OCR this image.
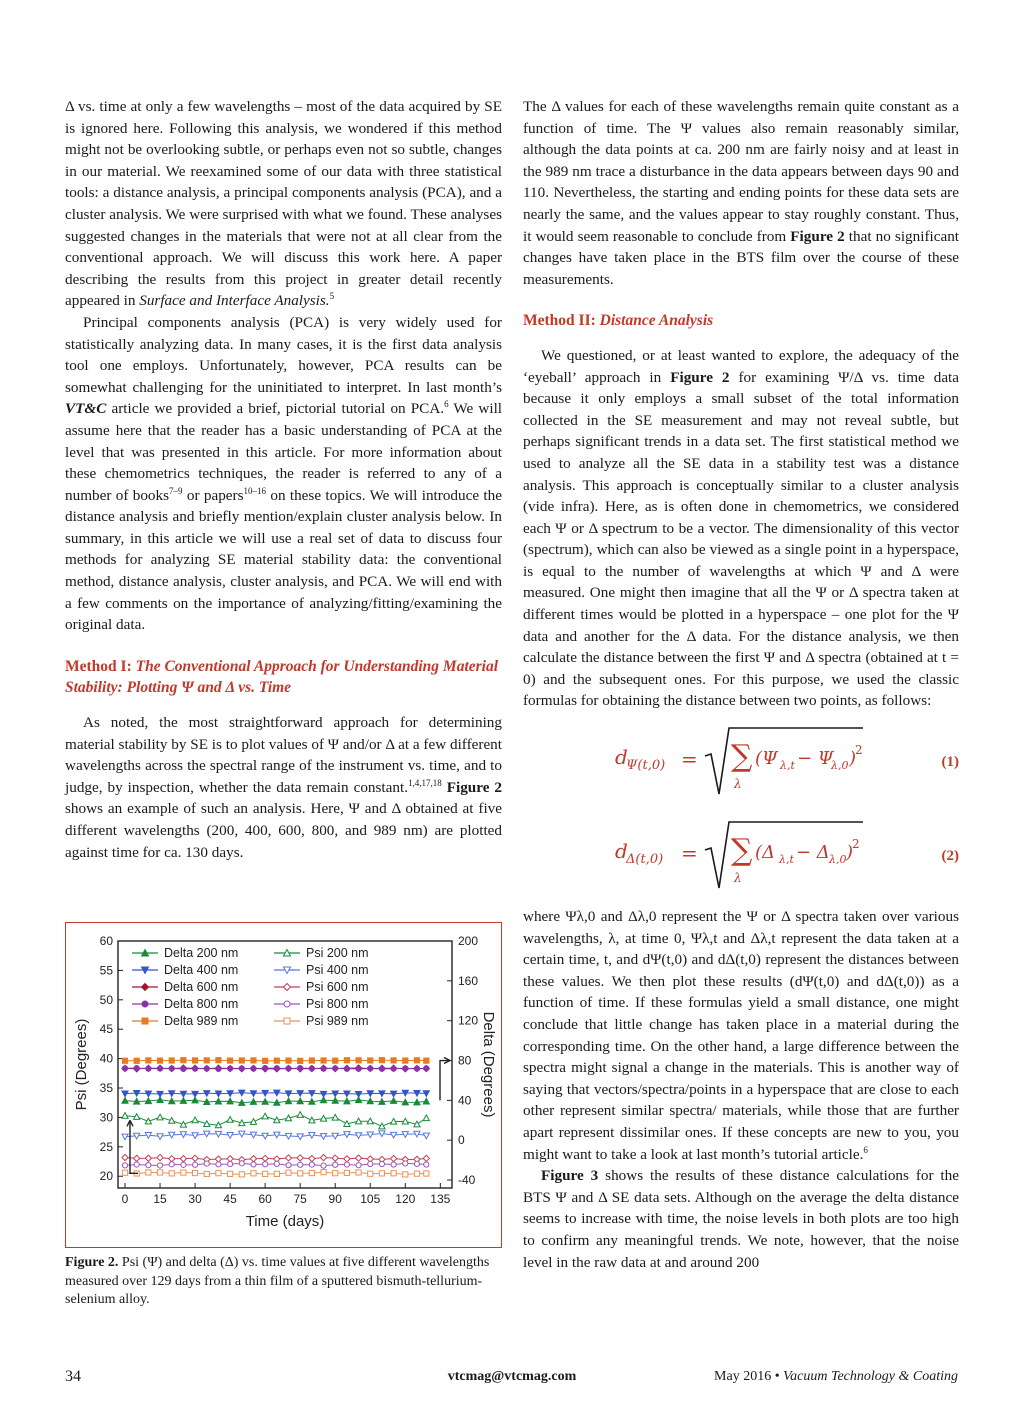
Δ vs. time at only a few wavelengths – most of the data acquired by SE is ignored here. Following this analysis, we wondered if this method might not be overlooking subtle, or perhaps even not so subtle, changes in our material. We reexamined some of our data with three statistical tools: a distance analysis, a principal components analysis (PCA), and a cluster analysis. We were surprised with what we found. These analyses suggested changes in the materials that were not at all clear from the conventional approach. We will discuss this work here. A paper describing the results from this project in greater detail recently appeared in Surface and Interface Analysis.$^5$

Principal components analysis (PCA) is very widely used for statistically analyzing data. In many cases, it is the first data analysis tool one employs. Unfortunately, however, PCA results can be somewhat challenging for the uninitiated to interpret. In last month’s VT&C article we provided a brief, pictorial tutorial on PCA.$^6$ We will assume here that the reader has a basic understanding of PCA at the level that was presented in this article. For more information about these chemometrics techniques, the reader is referred to any of a number of books$^{7-9}$ or papers$^{10-16}$ on these topics. We will introduce the distance analysis and briefly mention/explain cluster analysis below. In summary, in this article we will use a real set of data to discuss four methods for analyzing SE material stability data: the conventional method, distance analysis, cluster analysis, and PCA. We will end with a few comments on the importance of analyzing/fitting/examining the original data.

Method I: The Conventional Approach for Understanding Material Stability: Plotting Ψ and Δ vs. Time

As noted, the most straightforward approach for determining material stability by SE is to plot values of Ψ and/or Δ at a few different wavelengths across the spectral range of the instrument vs. time, and to judge, by inspection, whether the data remain constant.$^{1,4,17,18}$ Figure 2 shows an example of such an analysis. Here, Ψ and Δ obtained at five different wavelengths (200, 400, 600, 800, and 989 nm) are plotted against time for ca. 130 days.

0 15 30 45 60 75 90 105 120 135
20
25
30
35
40
45
50
55
60
-40
0
40
80
120
160
200
Time (days)
Psi (Degrees)	Delta (Degrees)
Delta 200 nm
Delta 400 nm
Delta 600 nm
Delta 800 nm
Delta 989 nm
Psi 200 nm
Psi 400 nm
Psi 600 nm
Psi 800 nm
Psi 989 nm
Figure 2. Psi (Ψ) and delta (Δ) vs. time values at five different wavelengths measured over 129 days from a thin film of a sputtered bismuth-tellurium-selenium alloy.

The Δ values for each of these wavelengths remain quite constant as a function of time. The Ψ values also remain reasonably similar, although the data points at ca. 200 nm are fairly noisy and at least in the 989 nm trace a disturbance in the data appears between days 90 and 110. Nevertheless, the starting and ending points for these data sets are nearly the same, and the values appear to stay roughly constant. Thus, it would seem reasonable to conclude from Figure 2 that no significant changes have taken place in the BTS film over the course of these measurements.

Method II: Distance Analysis

We questioned, or at least wanted to explore, the adequacy of the ‘eyeball’ approach in Figure 2 for examining Ψ/Δ vs. time data because it only employs a small subset of the total information collected in the SE measurement and may not reveal subtle, but perhaps significant trends in a data set. The first statistical method we used to analyze all the SE data in a stability test was a distance analysis. This approach is conceptually similar to a cluster analysis (vide infra). Here, as is often done in chemometrics, we considered each Ψ or Δ spectrum to be a vector. The dimensionality of this vector (spectrum), which can also be viewed as a single point in a hyperspace, is equal to the number of wavelengths at which Ψ and Δ were measured. One might then imagine that all the Ψ or Δ spectra taken at different times would be plotted in a hyperspace – one plot for the Ψ data and another for the Δ data. For the distance analysis, we then calculate the distance between the first Ψ and Δ spectra (obtained at t = 0) and the subsequent ones. For this purpose, we used the classic formulas for obtaining the distance between two points, as follows:

d
Ψ(t,0) = ∑
λ
(Ψ λ,t − Ψ
λ,0 )
2
(1)
d
Δ(t,0) = ∑
λ
(Δ λ,t − Δ λ,0 )
2
(2)

where Ψλ,0 and Δλ,0 represent the Ψ or Δ spectra taken over various wavelengths, λ, at time 0, Ψλ,t and Δλ,t represent the data taken at a certain time, t, and dΨ(t,0) and dΔ(t,0) represent the distances between these values. We then plot these results (dΨ(t,0) and dΔ(t,0)) as a function of time. If these formulas yield a small distance, one might conclude that little change has taken place in a material during the corresponding time. On the other hand, a large difference between the spectra might signal a change in the materials. This is another way of saying that vectors/spectra/points in a hyperspace that are close to each other represent similar spectra/ materials, while those that are further apart represent dissimilar ones. If these concepts are new to you, you might want to take a look at last month’s tutorial article.$^6$

Figure 3 shows the results of these distance calculations for the BTS Ψ and Δ SE data sets. Although on the average the delta distance seems to increase with time, the noise levels in both plots are too high to confirm any meaningful trends. We note, however, that the noise level in the raw data at and around 200

34	vtcmag@vtcmag.com	May 2016 • Vacuum Technology & Coating
